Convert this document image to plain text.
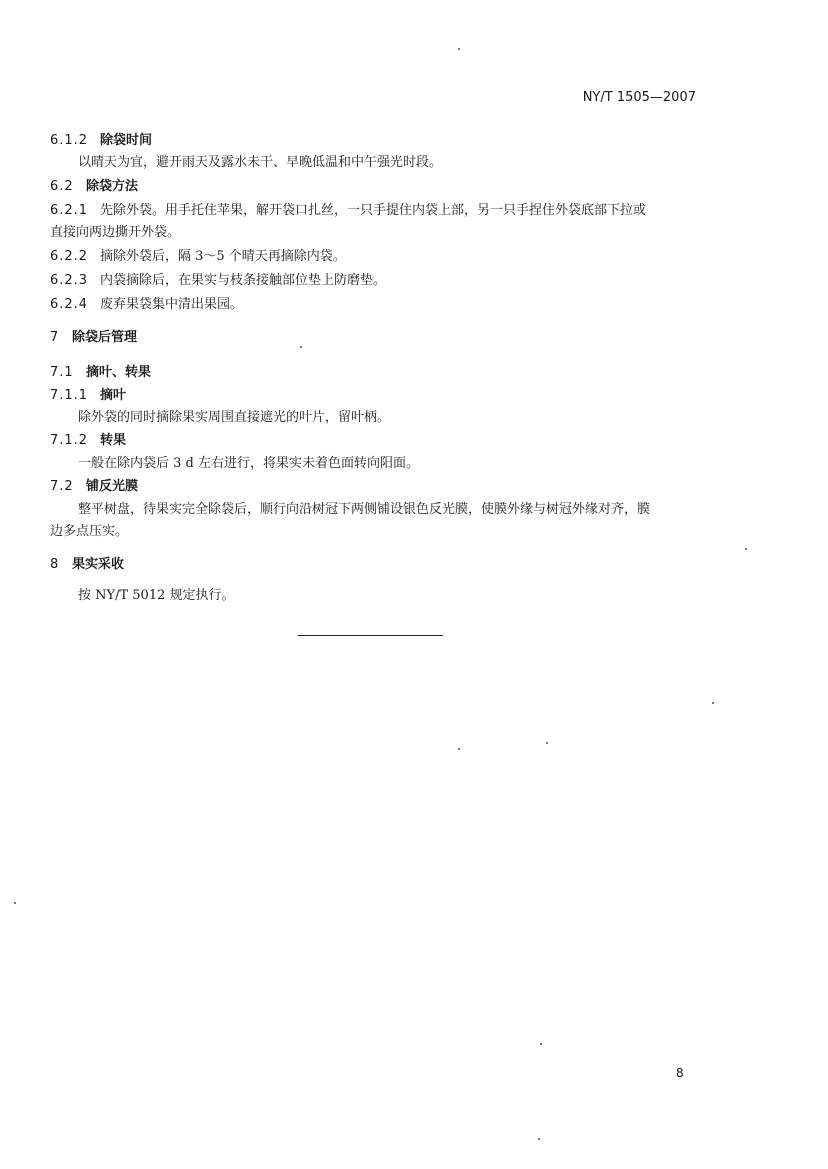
NY/T 1505—2007
6.1.2 除袋时间
以晴天为宜，避开雨天及露水未干、早晚低温和中午强光时段。
6.2 除袋方法
6.2.1 先除外袋。用手托住苹果，解开袋口扎丝，一只手提住内袋上部，另一只手捏住外袋底部下拉或
直接向两边撕开外袋。
6.2.2 摘除外袋后，隔 3～5 个晴天再摘除内袋。
6.2.3 内袋摘除后，在果实与枝条接触部位垫上防磨垫。
6.2.4 废弃果袋集中清出果园。
7 除袋后管理
7.1 摘叶、转果
7.1.1 摘叶
除外袋的同时摘除果实周围直接遮光的叶片，留叶柄。
7.1.2 转果
一般在除内袋后 3 d 左右进行，将果实未着色面转向阳面。
7.2 铺反光膜
整平树盘，待果实完全除袋后，顺行向沿树冠下两侧铺设银色反光膜，使膜外缘与树冠外缘对齐，膜
边多点压实。
8 果实采收
按 NY/T 5012 规定执行。
8
